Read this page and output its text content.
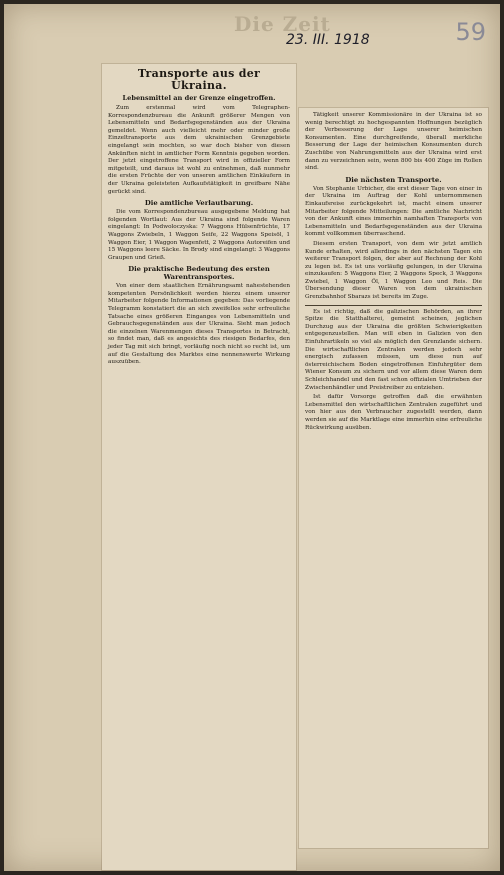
Die Zeit
23. III. 1918	59
Transporte aus der Ukraina.
Lebensmittel an der Grenze eingetroffen.

Zum erstenmal wird vom Telegraphen-Korrespondenzbureau die Ankunft größerer Mengen von Lebensmitteln und Bedarfsgegenständen aus der Ukraina gemeldet. Wenn auch vielleicht mehr oder minder große Einzeltransporte aus dem ukrainischen Grenzgebiete eingelangt sein mochten, so war doch bisher von diesen Ankünften nicht in amtlicher Form Kenntnis gegeben worden. Der jetzt eingetroffene Transport wird in offizieller Form mitgeteilt, und daraus ist wohl zu entnehmen, daß nunmehr die ersten Früchte der von unseren amtlichen Einkäufern in der Ukraina geleisteten Aufkaufstätigkeit in greifbare Nähe gerückt sind.

Die amtliche Verlautbarung.

Die vom Korrespondenzbureau ausgegebene Meldung hat folgenden Wortlaut: Aus der Ukraina sind folgende Waren eingelangt: In Podwoloczyska: 7 Waggons Hülsenfrüchte, 17 Waggons Zwiebeln, 1 Waggon Seife, 22 Waggons Speisöl, 1 Waggon Eier, 1 Waggon Wagenfett, 2 Waggons Autoreifen und 15 Waggons leere Säcke. In Brody sind eingelangt: 3 Waggons Graupen und Grieß.

Die praktische Bedeutung des ersten Warentransportes.

Von einer dem staatlichen Ernährungsamt nahestehenden kompetenten Persönlichkeit werden hierzu einem unserer Mitarbeiter folgende Informationen gegeben: Das vorliegende Telegramm konstatiert die an sich zweifellos sehr erfreuliche Tatsache eines größeren Einganges von Lebensmitteln und Gebrauchsgegenständen aus der Ukraina. Sieht man jedoch die einzelnen Warenmengen dieses Transportes in Betracht, so findet man, daß es angesichts des riesigen Bedarfes, den jeder Tag mit sich bringt, vorläufig noch nicht so recht ist, um auf die Gestaltung des Marktes eine nennenswerte Wirkung auszuüben.

Tätigkeit unserer Kommissionäre in der Ukraina ist so wenig berechtigt zu hochgespannten Hoffnungen bezüglich der Verbesserung der Lage unserer heimischen Konsumenten. Eine durchgreifende, überall merkliche Besserung der Lage der heimischen Konsumenten durch Zuschübe von Nahrungsmitteln aus der Ukraina wird erst dann zu verzeichnen sein, wenn 800 bis 400 Züge im Rollen sind.

Die nächsten Transporte.

Von Stephanie Urbicher, die erst dieser Tage von einer in der Ukraina im Auftrag der Kohl unternommenen Einkaufsreise zurückgekehrt ist, macht einem unserer Mitarbeiter folgende Mitteilungen: Die amtliche Nachricht von der Ankunft eines immerhin namhaften Transports von Lebensmitteln und Bedarfsgegenständen aus der Ukraina kommt vollkommen überraschend.

Diesem ersten Transport, von dem wir jetzt amtlich Kunde erhalten, wird allerdings in den nächsten Tagen ein weiterer Transport folgen, der aber auf Rechnung der Kohl zu legen ist. Es ist uns vorläufig gelungen, in der Ukraina einzukaufen: 5 Waggons Eier, 2 Waggons Speck, 3 Waggons Zwiebel, 1 Waggon Öl, 1 Waggon Leo und Reis. Die Übersendung dieser Waren von dem ukrainischen Grenzbahnhof Sbarazs ist bereits im Zuge.

Es ist richtig, daß die galizischen Behörden, an ihrer Spitze die Statthalterei, gemeint scheinen, jeglichen Durchzug aus der Ukraina die größten Schwierigkeiten entgegenzustellen. Man will eben in Galizien von den Einfuhrartikeln so viel als möglich den Grenzlande sichern. Die wirtschaftlichen Zentralen werden jedoch sehr energisch zufassen müssen, um diese nun auf österreichischem Boden eingetroffenen Einfuhrgüter dem Wiener Konsum zu sichern und vor allem diese Waren dem Schleichhandel und den fast schon offizialen Umtrieben der Zwischenhändler und Preistreiber zu entziehen.

Ist dafür Vorsorge getroffen daß die erwähnten Lebensmittel den wirtschaftlichen Zentralen zugeführt und von hier aus den Verbraucher zugestellt werden, dann werden sie auf die Marktlage eine immerhin eine erfreuliche Rückwirkung ausüben.
